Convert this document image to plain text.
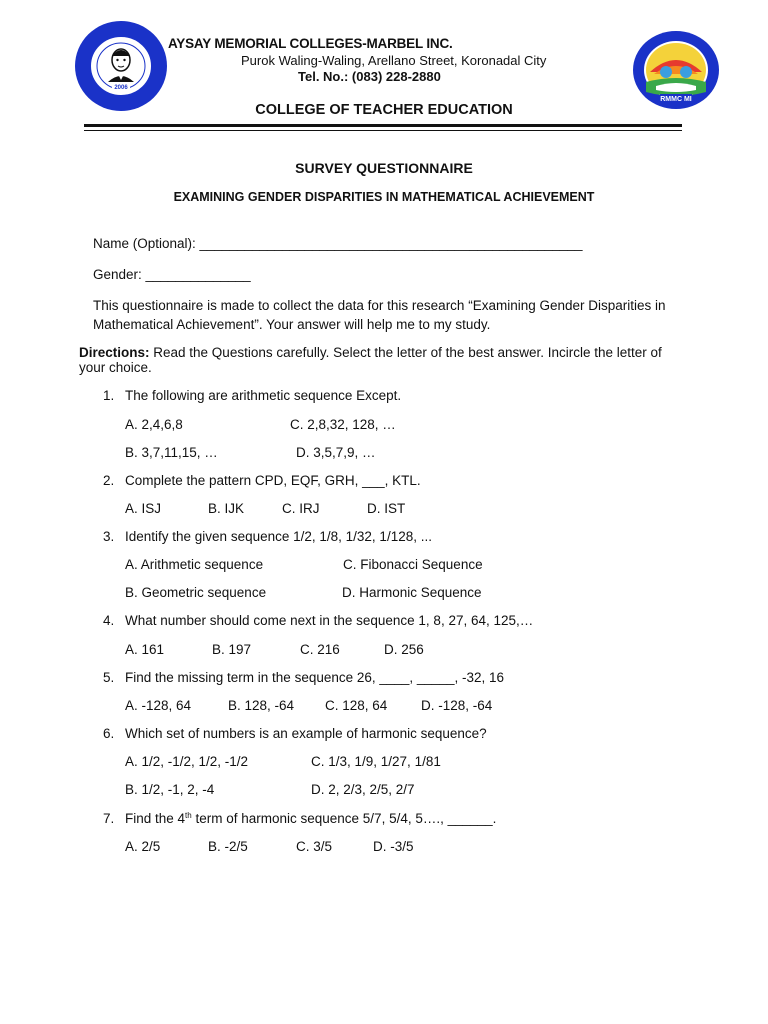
2006
RMMC MI
AYSAY MEMORIAL COLLEGES-MARBEL INC.
Purok Waling-Waling, Arellano Street, Koronadal City
Tel. No.: (083) 228-2880
COLLEGE OF TEACHER EDUCATION
SURVEY QUESTIONNAIRE
EXAMINING GENDER DISPARITIES IN MATHEMATICAL ACHIEVEMENT
Name (Optional): ___________________________________________________
Gender: ______________
This questionnaire is made to collect the data for this research “Examining Gender Disparities in Mathematical Achievement”. Your answer will help me to my study.
Directions: Read the Questions carefully. Select the letter of the best answer. Incircle the letter of your choice.
1. The following are arithmetic sequence Except.
A. 2,4,6,8	C. 2,8,32, 128, …
B. 3,7,11,15, …	D. 3,5,7,9, …
2. Complete the pattern CPD, EQF, GRH, ___, KTL.
A. ISJ	B. IJK	C. IRJ	D. IST
3. Identify the given sequence 1/2, 1/8, 1/32, 1/128, ...
A. Arithmetic sequence	C. Fibonacci Sequence
B. Geometric sequence	D. Harmonic Sequence
4. What number should come next in the sequence 1, 8, 27, 64, 125,…
A. 161	B. 197	C. 216	D. 256
5. Find the missing term in the sequence 26, ____, _____, -32, 16
A. -128, 64	B. 128, -64 C. 128, 64 D. -128, -64
6. Which set of numbers is an example of harmonic sequence?
A. 1/2, -1/2, 1/2, -1/2	C. 1/3, 1/9, 1/27, 1/81
B. 1/2, -1, 2, -4	D. 2, 2/3, 2/5, 2/7
7. Find the 4th term of harmonic sequence 5/7, 5/4, 5…., ______.
A. 2/5	B. -2/5	C. 3/5	D. -3/5
